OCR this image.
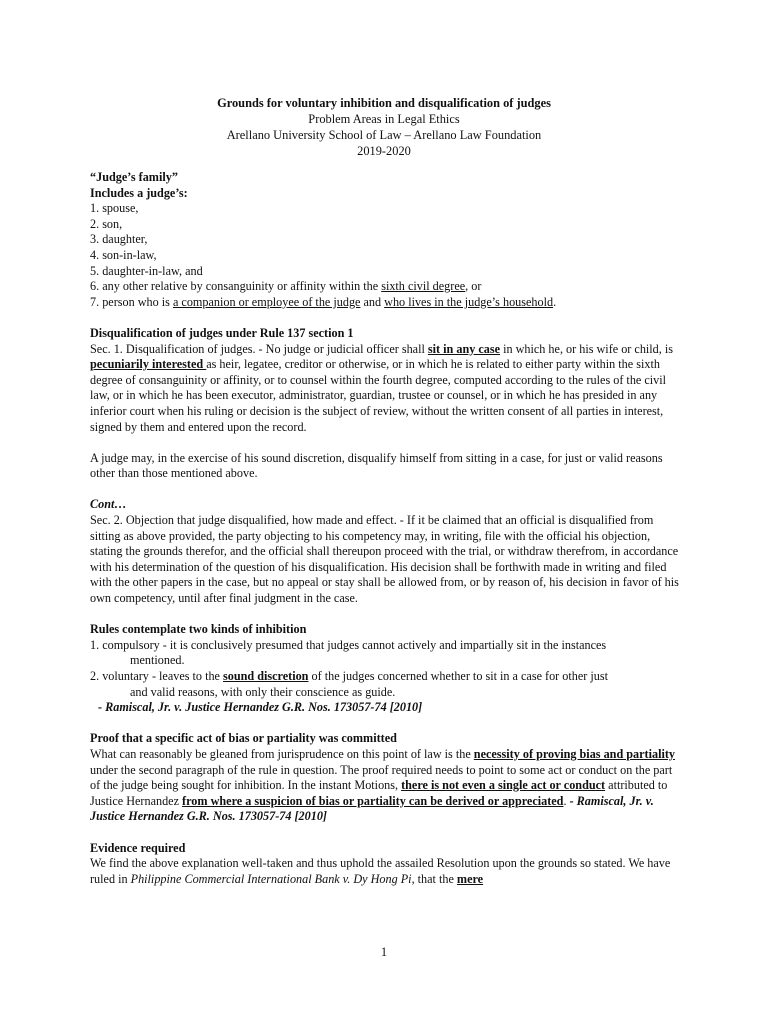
Grounds for voluntary inhibition and disqualification of judges
Problem Areas in Legal Ethics
Arellano University School of Law – Arellano Law Foundation
2019-2020

“Judge’s family”

Includes a judge’s:

1. spouse,

2. son,

3. daughter,

4. son-in-law,

5. daughter-in-law, and

6. any other relative by consanguinity or affinity within the sixth civil degree, or

7. person who is a companion or employee of the judge and who lives in the judge’s household.

Disqualification of judges under Rule 137 section 1

Sec. 1. Disqualification of judges. - No judge or judicial officer shall sit in any case in which he, or his wife or child, is pecuniarily interested as heir, legatee, creditor or otherwise, or in which he is related to either party within the sixth degree of consanguinity or affinity, or to counsel within the fourth degree, computed according to the rules of the civil law, or in which he has been executor, administrator, guardian, trustee or counsel, or in which he has presided in any inferior court when his ruling or decision is the subject of review, without the written consent of all parties in interest, signed by them and entered upon the record.

A judge may, in the exercise of his sound discretion, disqualify himself from sitting in a case, for just or valid reasons other than those mentioned above.

Cont…

Sec. 2. Objection that judge disqualified, how made and effect. - If it be claimed that an official is disqualified from sitting as above provided, the party objecting to his competency may, in writing, file with the official his objection, stating the grounds therefor, and the official shall thereupon proceed with the trial, or withdraw therefrom, in accordance with his determination of the question of his disqualification. His decision shall be forthwith made in writing and filed with the other papers in the case, but no appeal or stay shall be allowed from, or by reason of, his decision in favor of his own competency, until after final judgment in the case.

Rules contemplate two kinds of inhibition

1. compulsory - it is conclusively presumed that judges cannot actively and impartially sit in the instances

mentioned.

2. voluntary - leaves to the sound discretion of the judges concerned whether to sit in a case for other just

and valid reasons, with only their conscience as guide.

- Ramiscal, Jr. v. Justice Hernandez G.R. Nos. 173057-74 [2010]

Proof that a specific act of bias or partiality was committed

What can reasonably be gleaned from jurisprudence on this point of law is the necessity of proving bias and partiality under the second paragraph of the rule in question. The proof required needs to point to some act or conduct on the part of the judge being sought for inhibition. In the instant Motions, there is not even a single act or conduct attributed to Justice Hernandez from where a suspicion of bias or partiality can be derived or appreciated. - Ramiscal, Jr. v. Justice Hernandez G.R. Nos. 173057-74 [2010]

Evidence required

We find the above explanation well-taken and thus uphold the assailed Resolution upon the grounds so stated. We have ruled in Philippine Commercial International Bank v. Dy Hong Pi, that the mere

1
